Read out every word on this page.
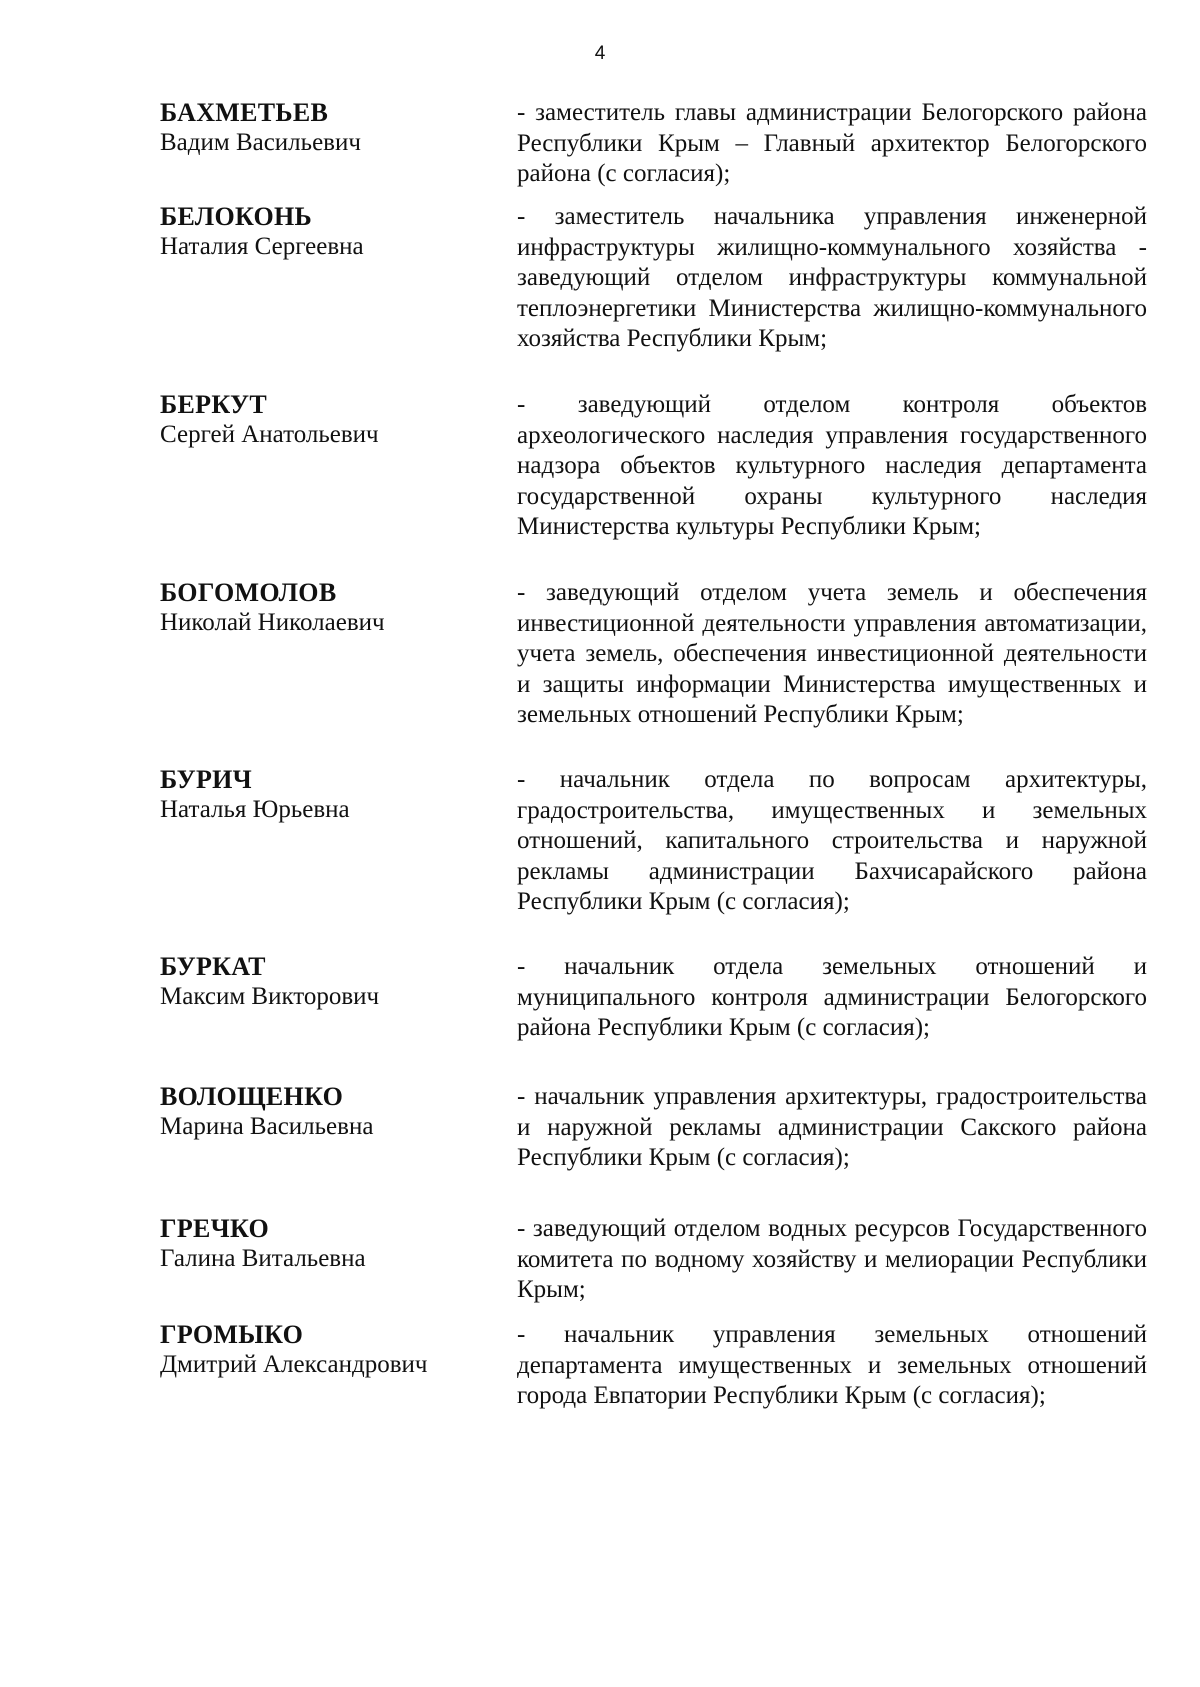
4
БАХМЕТЬЕВ
Вадим Васильевич
- заместитель главы администрации Белогорского района Республики Крым – Главный архитектор Белогорского района (с согласия);
БЕЛОКОНЬ
Наталия Сергеевна
- заместитель начальника управления инженерной инфраструктуры жилищно-коммунального хозяйства - заведующий отделом инфраструктуры коммунальной теплоэнергетики Министерства жилищно-коммунального хозяйства Республики Крым;
БЕРКУТ
Сергей Анатольевич
- заведующий отделом контроля объектов археологического наследия управления государственного надзора объектов культурного наследия департамента государственной охраны культурного наследия Министерства культуры Республики Крым;
БОГОМОЛОВ
Николай Николаевич
- заведующий отделом учета земель и обеспечения инвестиционной деятельности управления автоматизации, учета земель, обеспечения инвестиционной деятельности и защиты информации Министерства имущественных и земельных отношений Республики Крым;
БУРИЧ
Наталья Юрьевна
- начальник отдела по вопросам архитектуры, градостроительства, имущественных и земельных отношений, капитального строительства и наружной рекламы администрации Бахчисарайского района Республики Крым (с согласия);
БУРКАТ
Максим Викторович
- начальник отдела земельных отношений и муниципального контроля администрации Белогорского района Республики Крым (с согласия);
ВОЛОЩЕНКО
Марина Васильевна
- начальник управления архитектуры, градостроительства и наружной рекламы администрации Сакского района Республики Крым (с согласия);
ГРЕЧКО
Галина Витальевна
- заведующий отделом водных ресурсов Государственного комитета по водному хозяйству и мелиорации Республики Крым;
ГРОМЫКО
Дмитрий Александрович
- начальник управления земельных отношений департамента имущественных и земельных отношений города Евпатории Республики Крым (с согласия);
